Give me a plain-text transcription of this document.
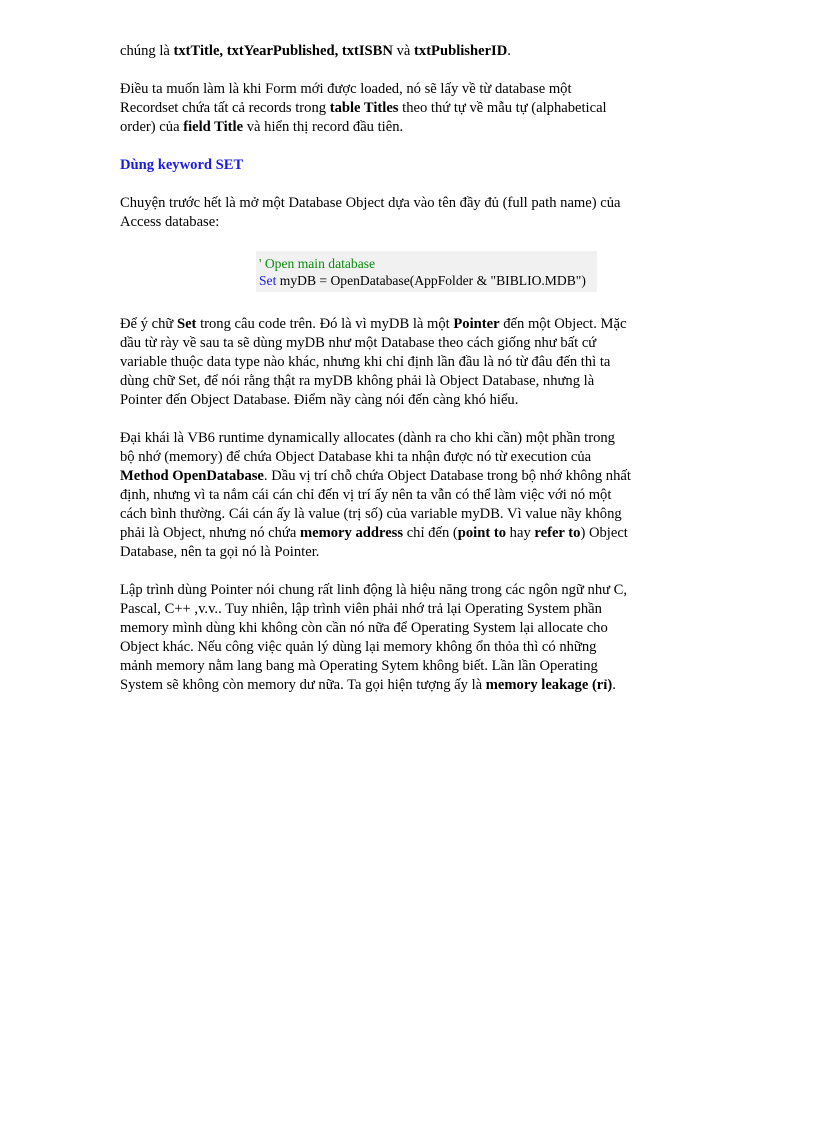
chúng là txtTitle, txtYearPublished, txtISBN và txtPublisherID.

Điều ta muốn làm là khi Form mới được loaded, nó sẽ lấy về từ database một
Recordset chứa tất cả records trong table Titles theo thứ tự về mẫu tự (alphabetical
order) của field Title và hiển thị record đầu tiên.

Dùng keyword SET

Chuyện trước hết là mở một Database Object dựa vào tên đầy đủ (full path name) của
Access database:

' Open main database
Set myDB = OpenDatabase(AppFolder & "BIBLIO.MDB")

Để ý chữ Set trong câu code trên. Đó là vì myDB là một Pointer đến một Object. Mặc
dầu từ rày về sau ta sẽ dùng myDB như một Database theo cách giống như bất cứ
variable thuộc data type nào khác, nhưng khi chỉ định lần đầu là nó từ đâu đến thì ta
dùng chữ Set, để nói rằng thật ra myDB không phải là Object Database, nhưng là
Pointer đến Object Database. Điểm nầy càng nói đến càng khó hiểu.

Đại khái là VB6 runtime dynamically allocates (dành ra cho khi cần) một phần trong
bộ nhớ (memory) để chứa Object Database khi ta nhận được nó từ execution của
Method OpenDatabase. Dầu vị trí chỗ chứa Object Database trong bộ nhớ không nhất
định, nhưng vì ta nắm cái cán chỉ đến vị trí ấy nên ta vẫn có thể làm việc với nó một
cách bình thường. Cái cán ấy là value (trị số) của variable myDB. Vì value nầy không
phải là Object, nhưng nó chứa memory address chỉ đến (point to hay refer to) Object
Database, nên ta gọi nó là Pointer.

Lập trình dùng Pointer nói chung rất linh động là hiệu năng trong các ngôn ngữ như C,
Pascal, C++ ,v.v.. Tuy nhiên, lập trình viên phải nhớ trả lại Operating System phần
memory mình dùng khi không còn cần nó nữa để Operating System lại allocate cho
Object khác. Nếu công việc quản lý dùng lại memory không ổn thỏa thì có những
mảnh memory nằm lang bang mà Operating Sytem không biết. Lần lần Operating
System sẽ không còn memory dư nữa. Ta gọi hiện tượng ấy là memory leakage (rỉ).
